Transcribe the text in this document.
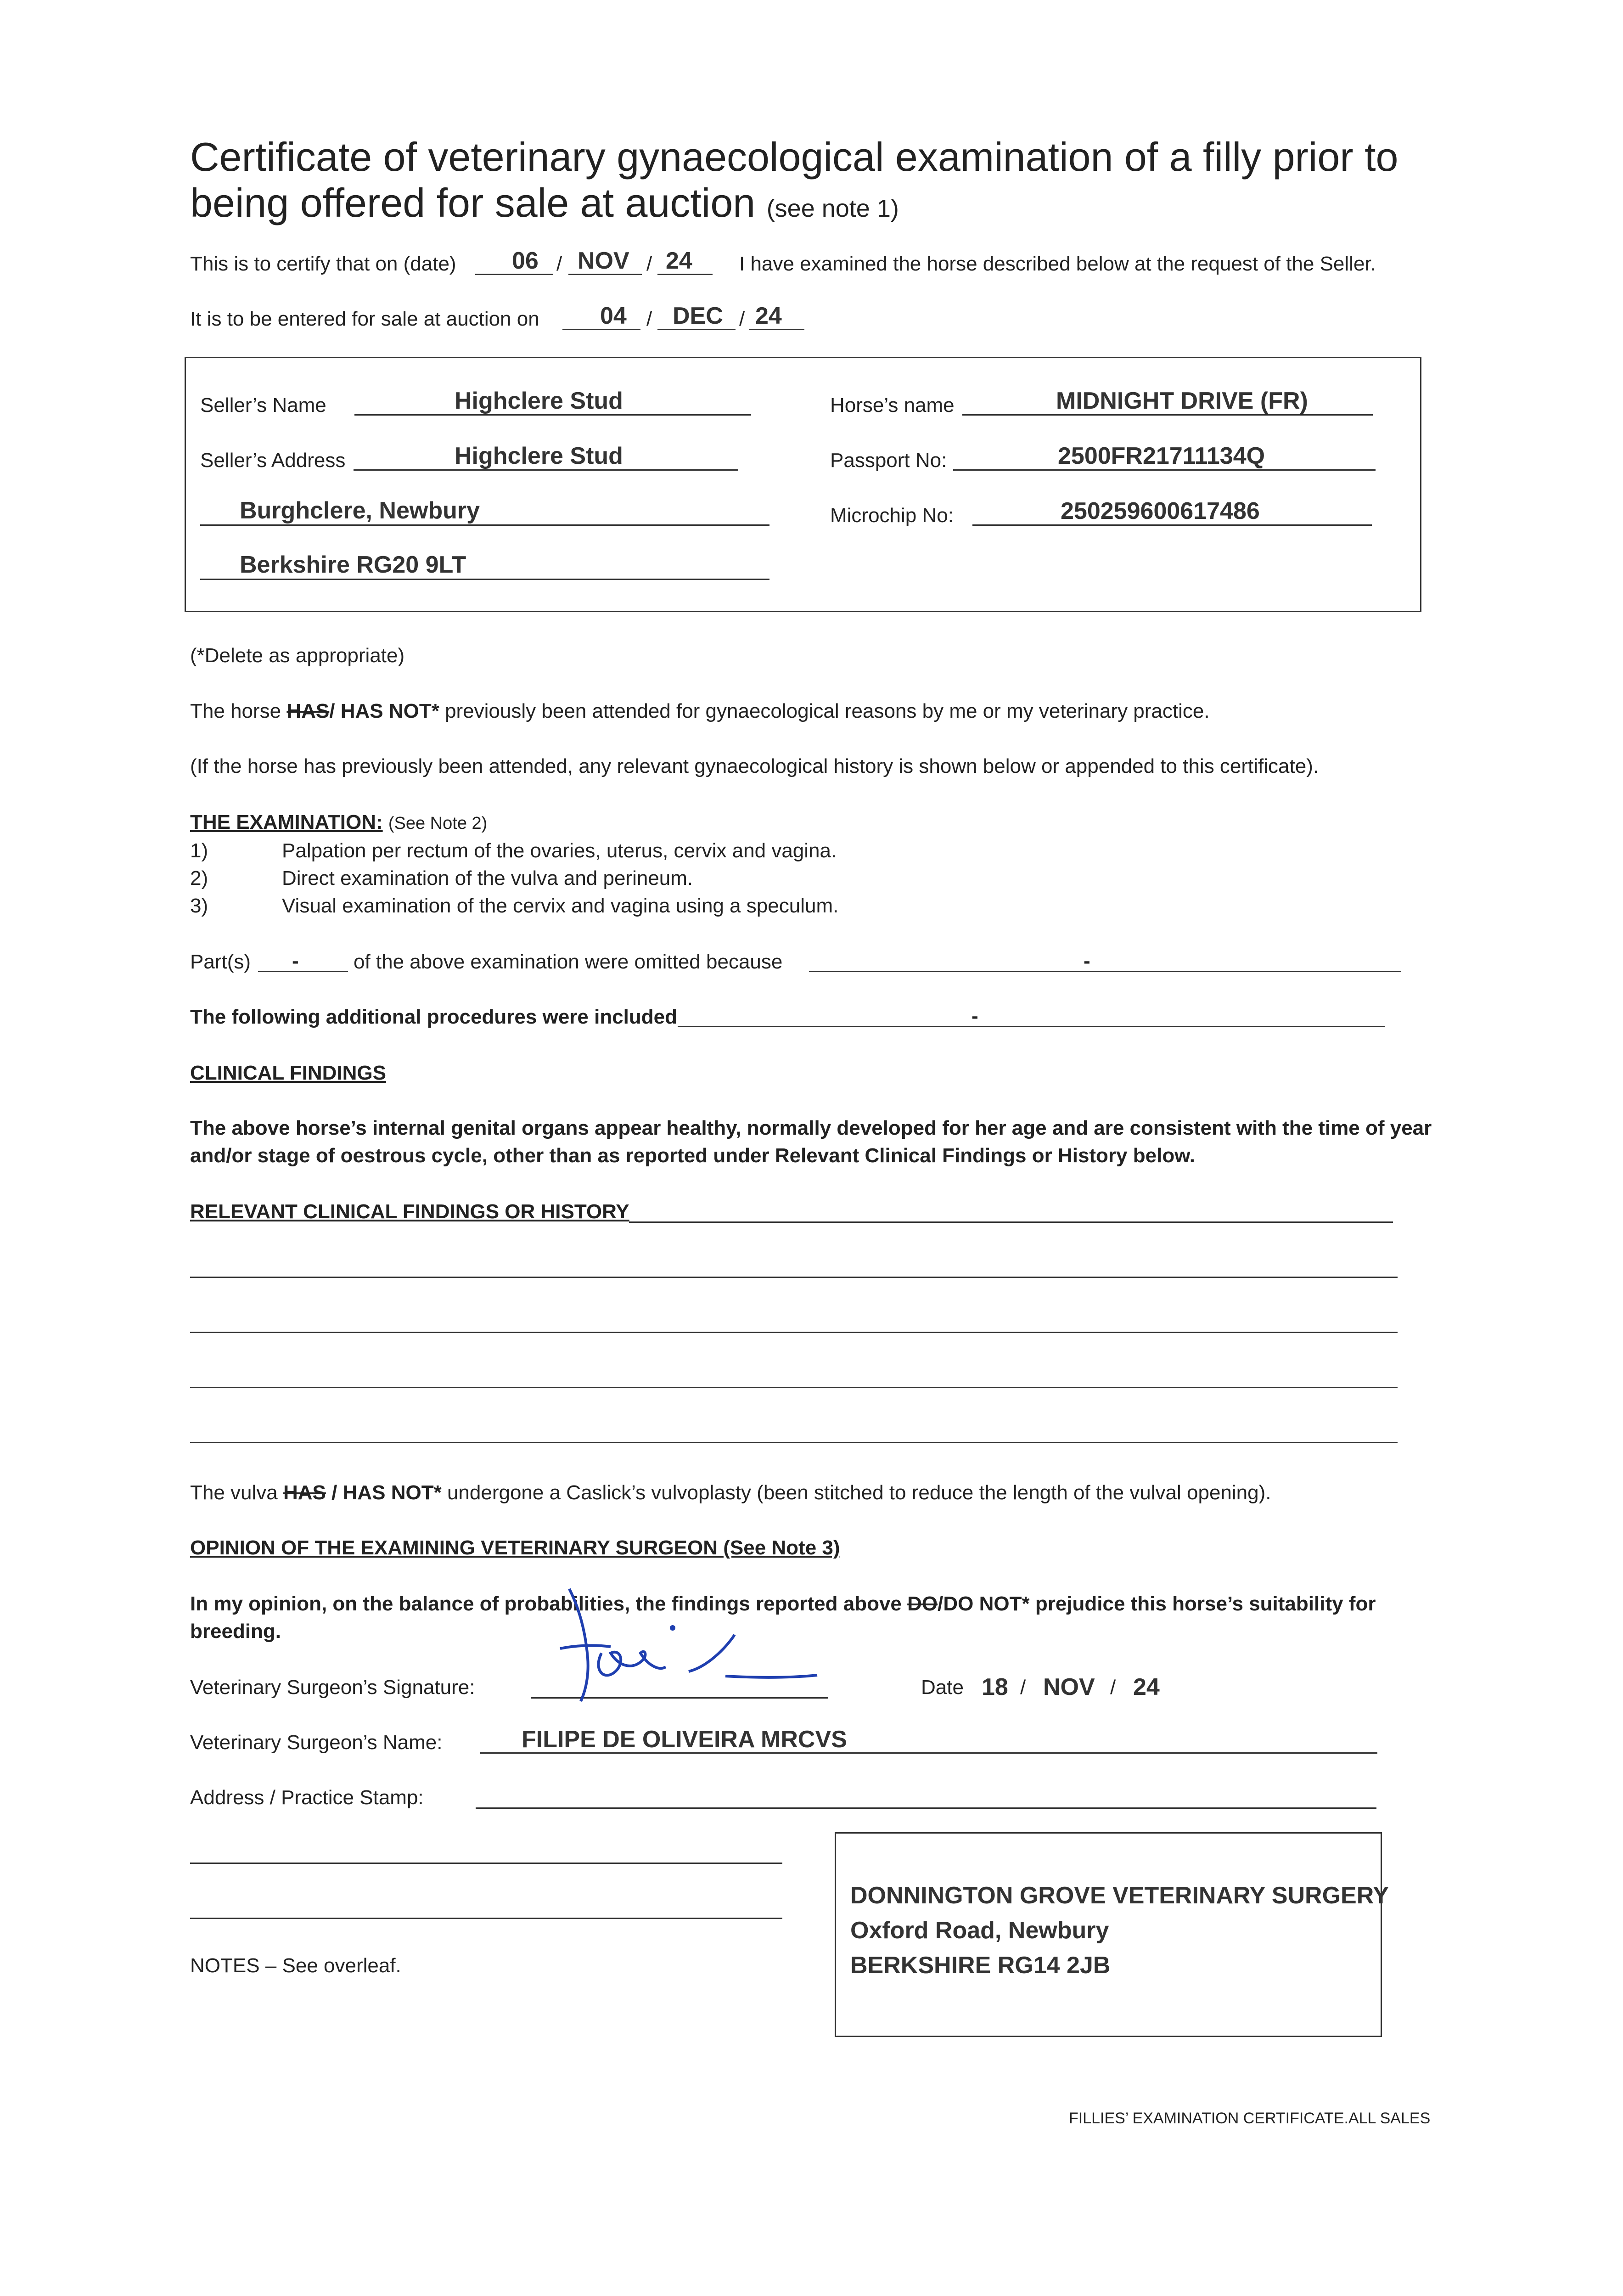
Certificate of veterinary gynaecological examination of a filly prior to
being offered for sale at auction (see note 1)
This is to certify that on (date) 06 / NOV / 24 I have examined the horse described below at the request of the Seller.
It is to be entered for sale at auction on	04 / DEC / 24
Seller’s Name	Highclere Stud
Seller’s Address	Highclere Stud
Burghclere, Newbury
Berkshire RG20 9LT
Horse’s name	MIDNIGHT DRIVE (FR)
Passport No:	2500FR21711134Q
Microchip No:	250259600617486
(*Delete as appropriate)
The horse HAS/ HAS NOT* previously been attended for gynaecological reasons by me or my veterinary practice.
(If the horse has previously been attended, any relevant gynaecological history is shown below or appended to this certificate).
THE EXAMINATION: (See Note 2)
1)	Palpation per rectum of the ovaries, uterus, cervix and vagina.
2)	Direct examination of the vulva and perineum.
3)	Visual examination of the cervix and vagina using a speculum.
Part(s) -	of the above examination were omitted because	-
The following additional procedures were included	-
CLINICAL FINDINGS
The above horse’s internal genital organs appear healthy, normally developed for her age and are consistent with the time of year
and/or stage of oestrous cycle, other than as reported under Relevant Clinical Findings or History below.
RELEVANT CLINICAL FINDINGS OR HISTORY
The vulva HAS / HAS NOT* undergone a Caslick’s vulvoplasty (been stitched to reduce the length of the vulval opening).
OPINION OF THE EXAMINING VETERINARY SURGEON (See Note 3)
In my opinion, on the balance of probabilities, the findings reported above DO/DO NOT* prejudice this horse’s suitability for
breeding.
Veterinary Surgeon’s Signature:	Date 18 / NOV / 24
Veterinary Surgeon’s Name:	FILIPE DE OLIVEIRA MRCVS
Address / Practice Stamp:
DONNINGTON GROVE VETERINARY SURGERY
Oxford Road, Newbury
BERKSHIRE RG14 2JB
NOTES – See overleaf.
FILLIES’ EXAMINATION CERTIFICATE.ALL SALES
